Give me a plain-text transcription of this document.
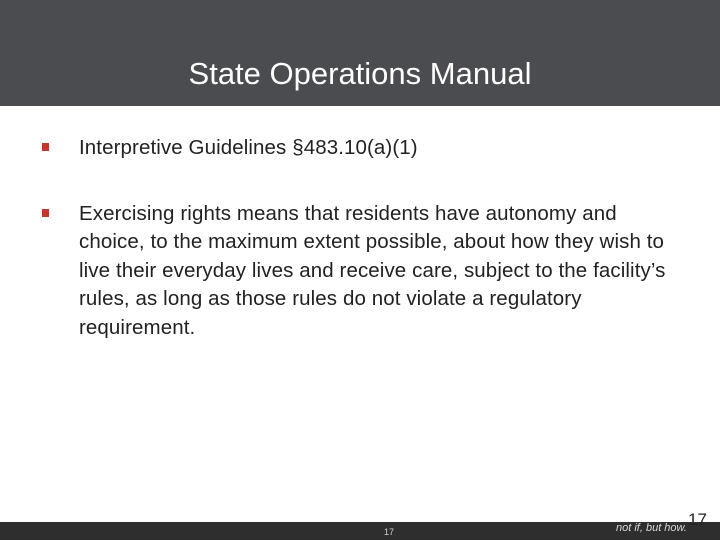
State Operations Manual
Interpretive Guidelines §483.10(a)(1)
Exercising rights means that residents have autonomy and choice, to the maximum extent possible, about how they wish to live their everyday lives and receive care, subject to the facility’s rules, as long as those rules do not violate a regulatory requirement.
17	not if, but how. 17
